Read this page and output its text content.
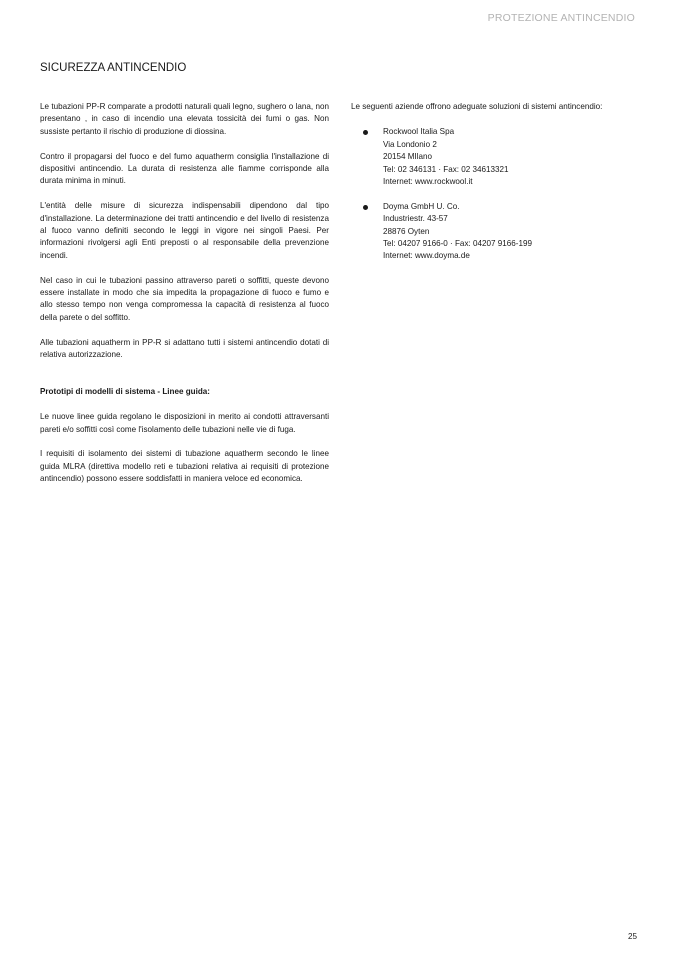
PROTEZIONE ANTINCENDIO
SICUREZZA ANTINCENDIO

Le tubazioni PP-R comparate a prodotti naturali quali legno, sughero o lana, non presentano , in caso di incendio una elevata tossicità dei fumi o gas. Non sussiste pertanto il rischio di produzione di diossina.

Contro il propagarsi del fuoco e del fumo aquatherm consiglia l'installazione di dispositivi antincendio. La durata di resistenza alle fiamme corrisponde alla durata minima in minuti.

L'entità delle misure di sicurezza indispensabili dipendono dal tipo d'installazione. La determinazione dei tratti antincendio e del livello di resistenza al fuoco vanno definiti secondo le leggi in vigore nei singoli Paesi. Per informazioni rivolgersi agli Enti preposti o al responsabile della prevenzione incendi.

Nel caso in cui le tubazioni passino attraverso pareti o soffitti, queste devono essere installate in modo che sia impedita la propagazione di fuoco e fumo e allo stesso tempo non venga compromessa la capacità di resistenza al fuoco della parete o del soffitto.

Alle tubazioni aquatherm in PP-R si adattano tutti i sistemi antincendio dotati di relativa autorizzazione.

Prototipi di modelli di sistema - Linee guida:

Le nuove linee guida regolano le disposizioni in merito ai condotti attraversanti pareti e/o soffitti così come l'isolamento delle tubazioni nelle vie di fuga.

I requisiti di isolamento dei sistemi di tubazione aquatherm secondo le linee guida MLRA (direttiva modello reti e tubazioni relativa ai requisiti di protezione antincendio) possono essere soddisfatti in maniera veloce ed economica.

Le seguenti aziende offrono adeguate soluzioni di sistemi antincendio:

Rockwool Italia Spa
Via Londonio 2
20154 MIlano
Tel: 02 346131 · Fax: 02 34613321
Internet: www.rockwool.it
Doyma GmbH U. Co.
Industriestr. 43-57
28876 Oyten
Tel: 04207 9166-0 · Fax: 04207 9166-199
Internet: www.doyma.de
25
